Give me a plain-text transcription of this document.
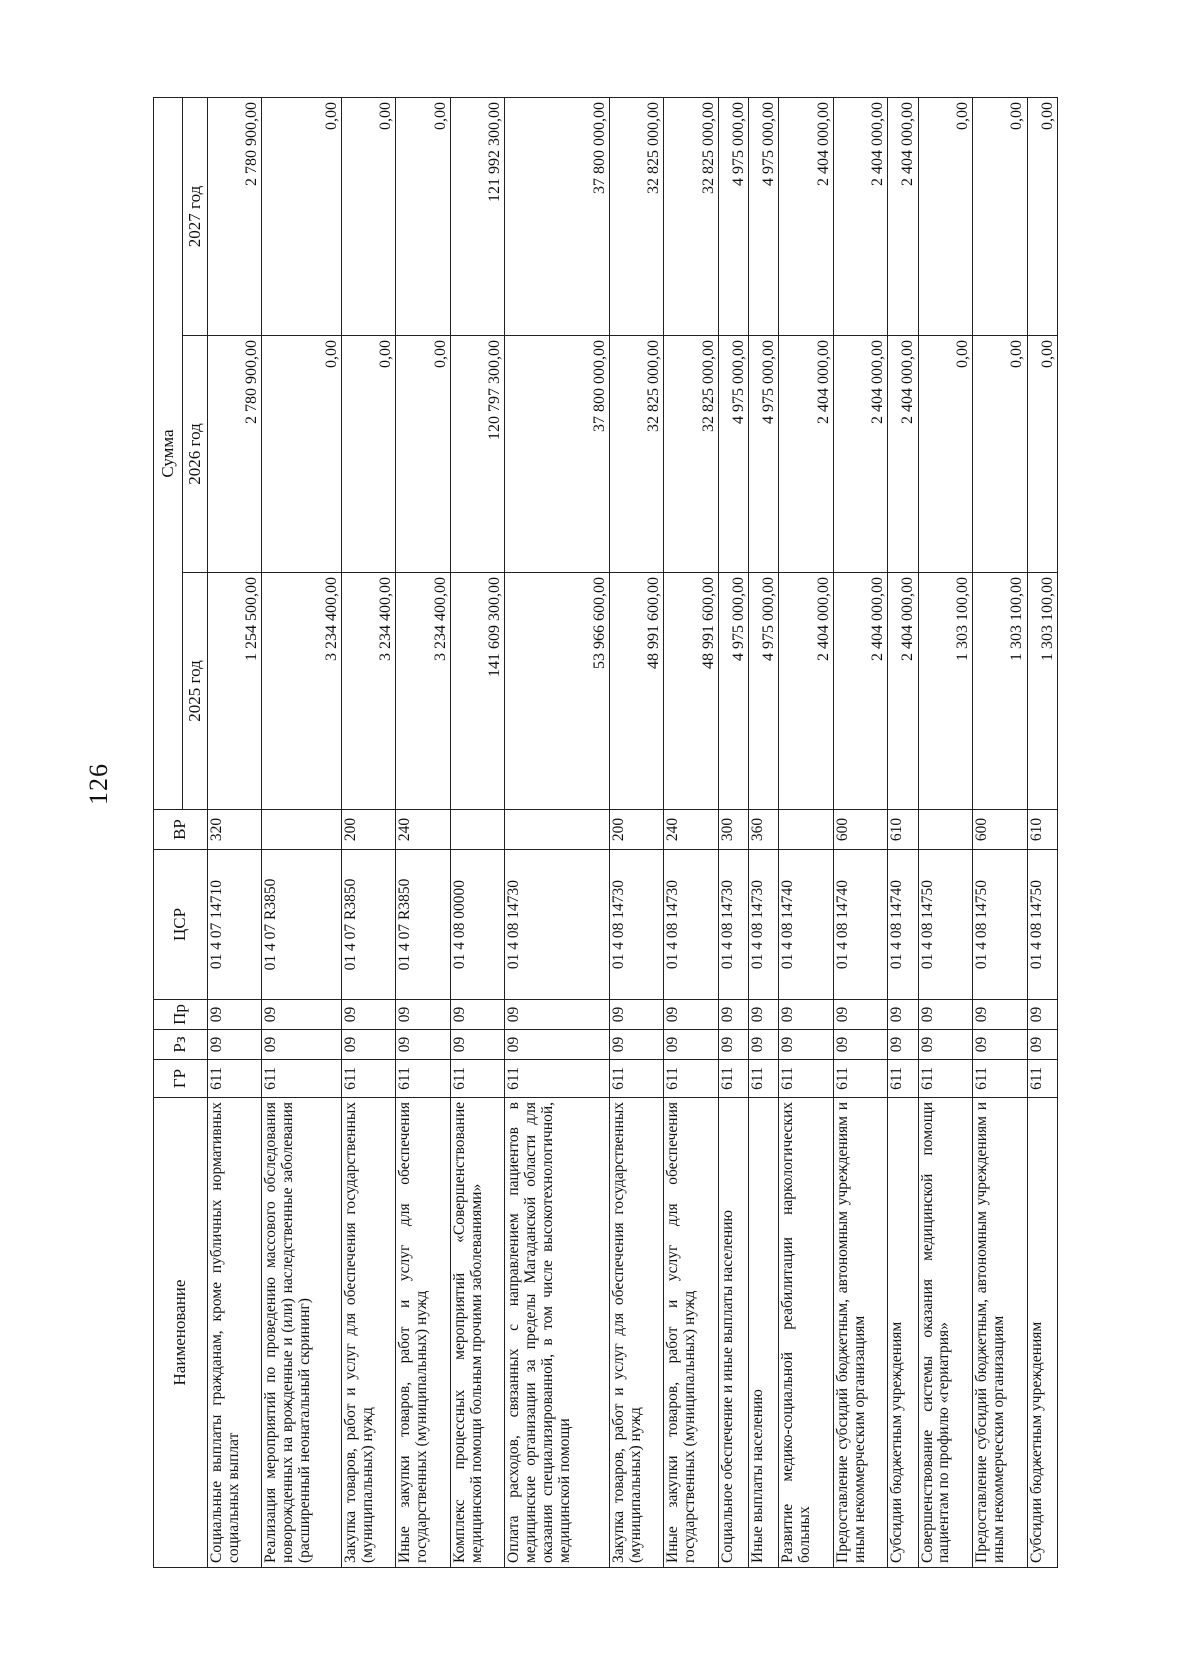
126
Наименование	ГР	Рз	Пр	ЦСР	ВР	Сумма		
						2025 год	2026 год	2027 год
Социальные выплаты гражданам, кроме публичных нормативных социальных выплат	611	09	09	01 4 07 14710	320	1 254 500,00	2 780 900,00	2 780 900,00
Реализация мероприятий по проведению массового обследования новорожденных на врожденные и (или) наследственные заболевания (расширенный неонатальный скрининг)	611	09	09	01 4 07 R3850		3 234 400,00	0,00	0,00
Закупка товаров, работ и услуг для обеспечения государственных (муниципальных) нужд	611	09	09	01 4 07 R3850	200	3 234 400,00	0,00	0,00
Иные закупки товаров, работ и услуг для обеспечения государственных (муниципальных) нужд	611	09	09	01 4 07 R3850	240	3 234 400,00	0,00	0,00
Комплекс процессных мероприятий «Совершенствование медицинской помощи больным прочими заболеваниями»	611	09	09	01 4 08 00000		141 609 300,00	120 797 300,00	121 992 300,00
Оплата расходов, связанных с направлением пациентов в медицинские организации за пределы Магаданской области для оказания специализированной, в том числе высокотехнологичной, медицинской помощи	611	09	09	01 4 08 14730		53 966 600,00	37 800 000,00	37 800 000,00
Закупка товаров, работ и услуг для обеспечения государственных (муниципальных) нужд	611	09	09	01 4 08 14730	200	48 991 600,00	32 825 000,00	32 825 000,00
Иные закупки товаров, работ и услуг для обеспечения государственных (муниципальных) нужд	611	09	09	01 4 08 14730	240	48 991 600,00	32 825 000,00	32 825 000,00
Социальное обеспечение и иные выплаты населению	611	09	09	01 4 08 14730	300	4 975 000,00	4 975 000,00	4 975 000,00
Иные выплаты населению	611	09	09	01 4 08 14730	360	4 975 000,00	4 975 000,00	4 975 000,00
Развитие медико-социальной реабилитации наркологических больных	611	09	09	01 4 08 14740		2 404 000,00	2 404 000,00	2 404 000,00
Предоставление субсидий бюджетным, автономным учреждениям и иным некоммерческим организациям	611	09	09	01 4 08 14740	600	2 404 000,00	2 404 000,00	2 404 000,00
Субсидии бюджетным учреждениям	611	09	09	01 4 08 14740	610	2 404 000,00	2 404 000,00	2 404 000,00
Совершенствование системы оказания медицинской помощи пациентам по профилю «гериатрия»	611	09	09	01 4 08 14750		1 303 100,00	0,00	0,00
Предоставление субсидий бюджетным, автономным учреждениям и иным некоммерческим организациям	611	09	09	01 4 08 14750	600	1 303 100,00	0,00	0,00
Субсидии бюджетным учреждениям	611	09	09	01 4 08 14750	610	1 303 100,00	0,00	0,00
